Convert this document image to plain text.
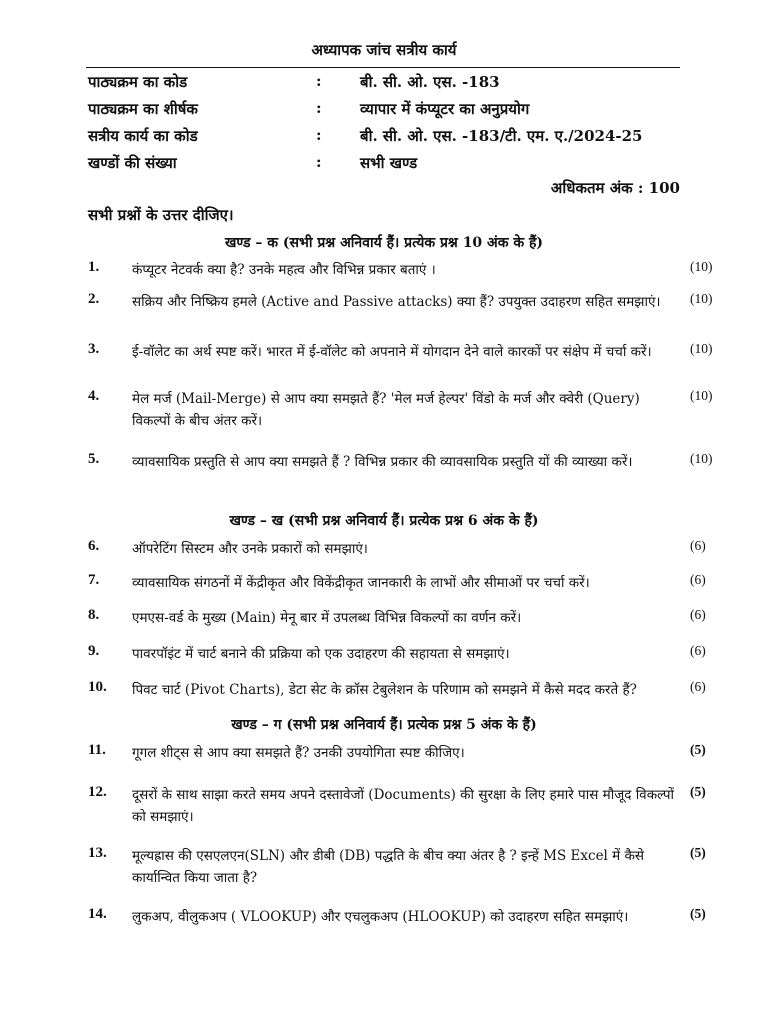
अध्यापक जांच सत्रीय कार्य
पाठ्यक्रम का कोड	:	बी. सी. ओ. एस. -183
पाठ्यक्रम का शीर्षक	:	व्यापार में कंप्यूटर का अनुप्रयोग
सत्रीय कार्य का कोड	:	बी. सी. ओ. एस. -183/टी. एम. ए./2024-25
खण्डों की संख्या	:	सभी खण्ड
अधिकतम अंक : 100
सभी प्रश्नों के उत्तर दीजिए।
खण्ड – क (सभी प्रश्न अनिवार्य हैं। प्रत्येक प्रश्न 10 अंक के हैं)
1. कंप्यूटर नेटवर्क क्या है? उनके महत्व और विभिन्न प्रकार बताएं ।	(10)
2. सक्रिय और निष्क्रिय हमले (Active and Passive attacks) क्या हैं? उपयुक्त उदाहरण सहित समझाएं।	(10)
3. ई-वॉलेट का अर्थ स्पष्ट करें। भारत में ई-वॉलेट को अपनाने में योगदान देने वाले कारकों पर संक्षेप में चर्चा करें।	(10)
4. मेल मर्ज (Mail-Merge) से आप क्या समझते हैं? 'मेल मर्ज हेल्पर' विंडो के मर्ज और क्वेरी (Query) विकल्पों के बीच अंतर करें।
(10)
5. व्यावसायिक प्रस्तुति से आप क्या समझते हैं ? विभिन्न प्रकार की व्यावसायिक प्रस्तुति यों की व्याख्या करें।	(10)
खण्ड – ख (सभी प्रश्न अनिवार्य हैं। प्रत्येक प्रश्न 6 अंक के हैं)
6. ऑपरेटिंग सिस्टम और उनके प्रकारों को समझाएं।	(6)
7. व्यावसायिक संगठनों में केंद्रीकृत और विकेंद्रीकृत जानकारी के लाभों और सीमाओं पर चर्चा करें।	(6)
8. एमएस-वर्ड के मुख्य (Main) मेनू बार में उपलब्ध विभिन्न विकल्पों का वर्णन करें।	(6)
9. पावरपॉइंट में चार्ट बनाने की प्रक्रिया को एक उदाहरण की सहायता से समझाएं।	(6)
10. पिवट चार्ट (Pivot Charts), डेटा सेट के क्रॉस टेबुलेशन के परिणाम को समझने में कैसे मदद करते हैं?	(6)
खण्ड – ग (सभी प्रश्न अनिवार्य हैं। प्रत्येक प्रश्न 5 अंक के हैं)
11. गूगल शीट्स से आप क्या समझते हैं? उनकी उपयोगिता स्पष्ट कीजिए।	(5)
12. दूसरों के साथ साझा करते समय अपने दस्तावेजों (Documents) की सुरक्षा के लिए हमारे पास मौजूद विकल्पों को समझाएं।
(5)
13. मूल्यह्रास की एसएलएन(SLN) और डीबी (DB) पद्धति के बीच क्या अंतर है ? इन्हें MS Excel में कैसे कार्यान्वित किया जाता है?
(5)
14. लुकअप, वीलुकअप ( VLOOKUP) और एचलुकअप (HLOOKUP) को उदाहरण सहित समझाएं।	(5)
